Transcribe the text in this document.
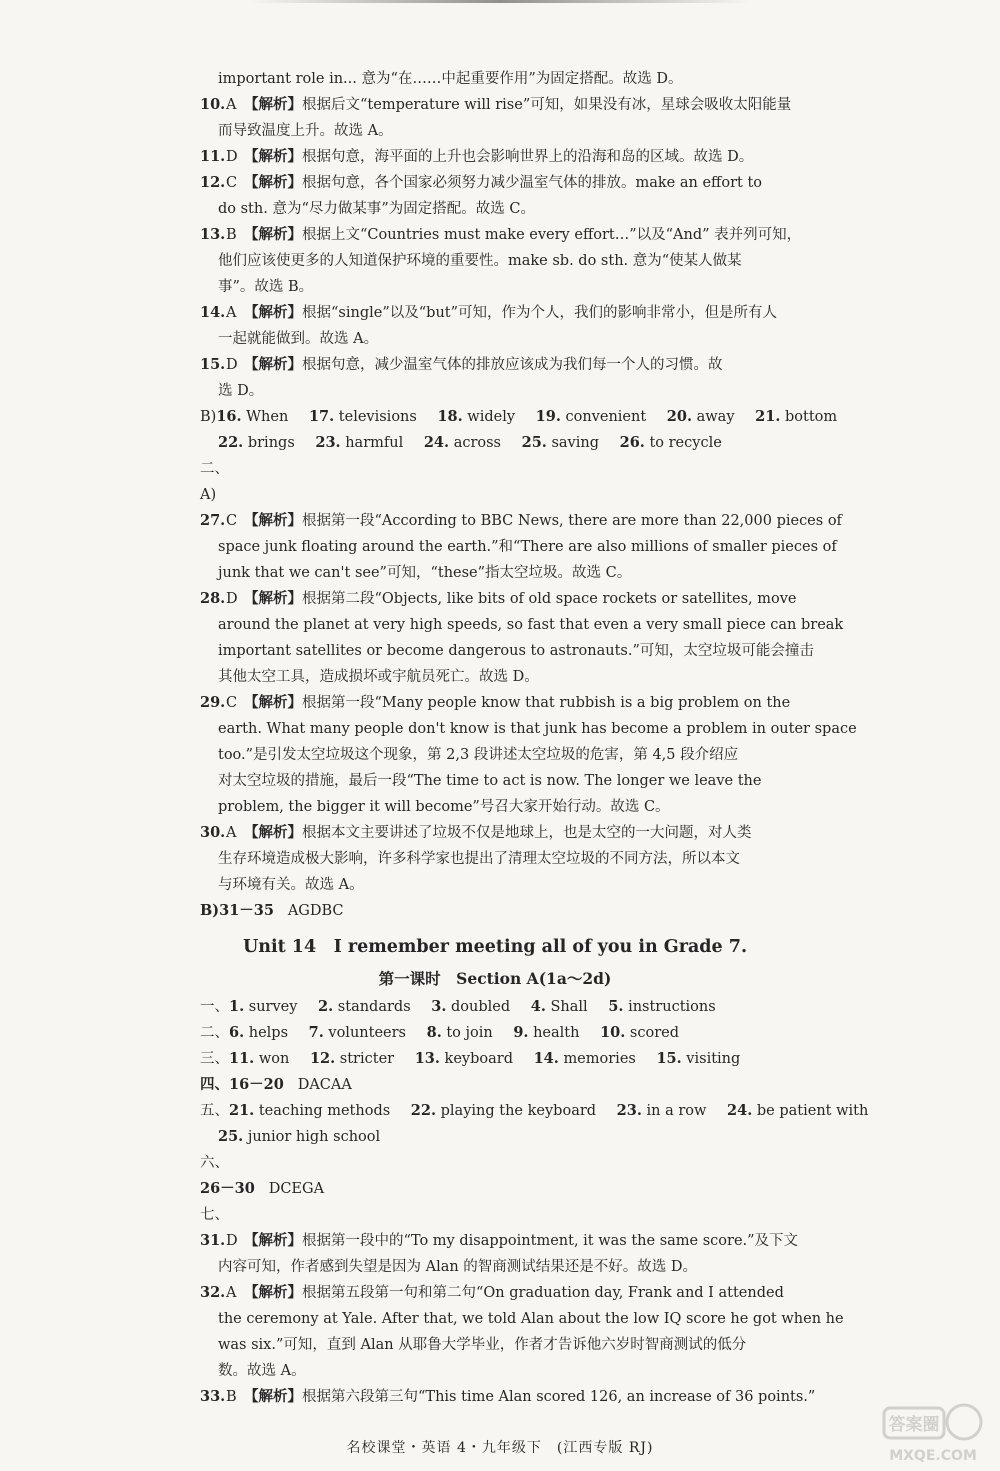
important role in... 意为“在……中起重要作用”为固定搭配。故选 D。
10.A 【解析】根据后文“temperature will rise”可知，如果没有冰，星球会吸收太阳能量
而导致温度上升。故选 A。
11.D 【解析】根据句意，海平面的上升也会影响世界上的沿海和岛的区域。故选 D。
12.C 【解析】根据句意，各个国家必须努力减少温室气体的排放。make an effort to
do sth. 意为“尽力做某事”为固定搭配。故选 C。
13.B 【解析】根据上文“Countries must make every effort…”以及“And” 表并列可知，
他们应该使更多的人知道保护环境的重要性。make sb. do sth. 意为“使某人做某
事”。故选 B。
14.A 【解析】根据“single”以及“but”可知，作为个人，我们的影响非常小，但是所有人
一起就能做到。故选 A。
15.D 【解析】根据句意，减少温室气体的排放应该成为我们每一个人的习惯。故
选 D。
B)16. When 17. televisions 18. widely 19. convenient 20. away 21. bottom
22. brings 23. harmful 24. across 25. saving 26. to recycle
二、
A)
27.C 【解析】根据第一段“According to BBC News, there are more than 22,000 pieces of
space junk floating around the earth.”和“There are also millions of smaller pieces of
junk that we can't see”可知，“these”指太空垃圾。故选 C。
28.D 【解析】根据第二段“Objects, like bits of old space rockets or satellites, move
around the planet at very high speeds, so fast that even a very small piece can break
important satellites or become dangerous to astronauts.”可知，太空垃圾可能会撞击
其他太空工具，造成损坏或宇航员死亡。故选 D。
29.C 【解析】根据第一段“Many people know that rubbish is a big problem on the
earth. What many people don't know is that junk has become a problem in outer space
too.”是引发太空垃圾这个现象，第 2,3 段讲述太空垃圾的危害，第 4,5 段介绍应
对太空垃圾的措施，最后一段“The time to act is now. The longer we leave the
problem, the bigger it will become”号召大家开始行动。故选 C。
30.A 【解析】根据本文主要讲述了垃圾不仅是地球上，也是太空的一大问题，对人类
生存环境造成极大影响，许多科学家也提出了清理太空垃圾的不同方法，所以本文
与环境有关。故选 A。
B)31－35 AGDBC
Unit 14　I remember meeting all of you in Grade 7.
第一课时　Section A(1a～2d)
一、1. survey 2. standards 3. doubled 4. Shall 5. instructions
二、6. helps 7. volunteers 8. to join 9. health 10. scored
三、11. won 12. stricter 13. keyboard 14. memories 15. visiting
四、16－20 DACAA
五、21. teaching methods 22. playing the keyboard 23. in a row 24. be patient with
25. junior high school
六、
26－30 DCEGA
七、
31.D 【解析】根据第一段中的“To my disappointment, it was the same score.”及下文
内容可知，作者感到失望是因为 Alan 的智商测试结果还是不好。故选 D。
32.A 【解析】根据第五段第一句和第二句“On graduation day, Frank and I attended
the ceremony at Yale. After that, we told Alan about the low IQ score he got when he
was six.”可知，直到 Alan 从耶鲁大学毕业，作者才告诉他六岁时智商测试的低分
数。故选 A。
33.B 【解析】根据第六段第三句“This time Alan scored 126, an increase of 36 points.”
名校课堂・英语 4・九年级下　(江西专版 RJ)
答案圈
MXQE.COM
